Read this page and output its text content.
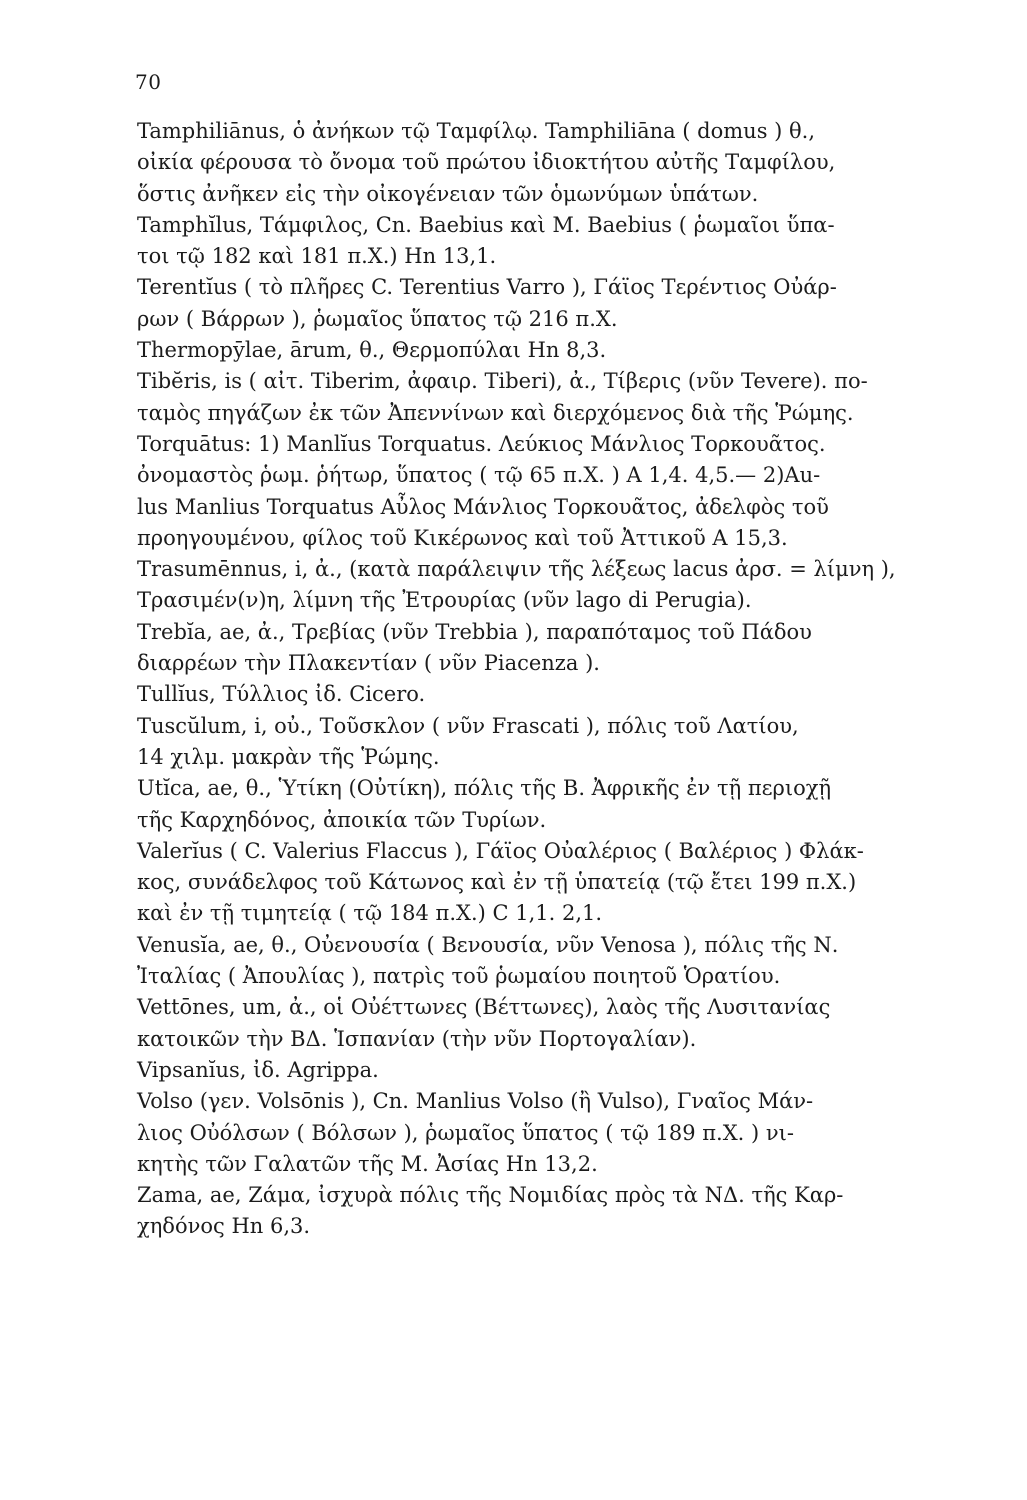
70
Tamphiliānus, ὁ ἀνήκων τῷ Ταμφίλῳ. Tamphiliāna ( domus ) θ.,
οἰκία φέρουσα τὸ ὄνομα τοῦ πρώτου ἰδιοκτήτου αὐτῆς Ταμφίλου,
ὅστις ἀνῆκεν εἰς τὴν οἰκογένειαν τῶν ὁμωνύμων ὑπάτων.
Tamphĭlus, Τάμφιλος, Cn. Baebius καὶ M. Baebius ( ῥωμαῖοι ὕπα-
τοι τῷ 182 καὶ 181 π.Χ.) Hn 13,1.
Terentĭus ( τὸ πλῆρες C. Terentius Varro ), Γάϊος Τερέντιος Οὐάρ-
ρων ( Βάρρων ), ῥωμαῖος ὕπατος τῷ 216 π.Χ.
Thermopȳlae, ārum, θ., Θερμοπύλαι Hn 8,3.
Tibĕris, is ( αἰτ. Tiberim, ἀφαιρ. Tiberi), ἀ., Τίβερις (νῦν Tevere). πο-
ταμὸς πηγάζων ἐκ τῶν Ἀπεννίνων καὶ διερχόμενος διὰ τῆς Ῥώμης.
Torquātus: 1) Manlĭus Torquatus. Λεύκιος Μάνλιος Τορκουᾶτος.
ὀνομαστὸς ῥωμ. ῥήτωρ, ὕπατος ( τῷ 65 π.Χ. ) A 1,4. 4,5.— 2)Au-
lus Manlius Torquatus Αὖλος Μάνλιος Τορκουᾶτος, ἀδελφὸς τοῦ
προηγουμένου, φίλος τοῦ Κικέρωνος καὶ τοῦ Ἀττικοῦ A 15,3.
Trasumēnnus, i, ἀ., (κατὰ παράλειψιν τῆς λέξεως lacus ἀρσ. = λίμνη ),
Τρασιμέν(ν)η, λίμνη τῆς Ἐτρουρίας (νῦν lago di Perugia).
Trebĭa, ae, ἀ., Τρεβίας (νῦν Trebbia ), παραπόταμος τοῦ Πάδου
διαρρέων τὴν Πλακεντίαν ( νῦν Piacenza ).
Tullĭus, Τύλλιος ἰδ. Cicero.
Tuscŭlum, i, οὐ., Τοῦσκλον ( νῦν Frascati ), πόλις τοῦ Λατίου,
14 χιλμ. μακρὰν τῆς Ῥώμης.
Utĭca, ae, θ., Ὑτίκη (Οὐτίκη), πόλις τῆς Β. Ἀφρικῆς ἐν τῇ περιοχῇ
τῆς Καρχηδόνος, ἀποικία τῶν Τυρίων.
Valerĭus ( C. Valerius Flaccus ), Γάϊος Οὐαλέριος ( Βαλέριος ) Φλάκ-
κος, συνάδελφος τοῦ Κάτωνος καὶ ἐν τῇ ὑπατείᾳ (τῷ ἔτει 199 π.Χ.)
καὶ ἐν τῇ τιμητείᾳ ( τῷ 184 π.Χ.) C 1,1. 2,1.
Venusĭa, ae, θ., Οὐενουσία ( Βενουσία, νῦν Venosa ), πόλις τῆς Ν.
Ἰταλίας ( Ἀπουλίας ), πατρὶς τοῦ ῥωμαίου ποιητοῦ Ὁρατίου.
Vettōnes, um, ἀ., οἱ Οὐέττωνες (Βέττωνες), λαὸς τῆς Λυσιτανίας
κατοικῶν τὴν ΒΔ. Ἱσπανίαν (τὴν νῦν Πορτογαλίαν).
Vipsanĭus, ἰδ. Agrippa.
Volso (γεν. Volsōnis ), Cn. Manlius Volso (ἢ Vulso), Γναῖος Μάν-
λιος Οὐόλσων ( Βόλσων ), ῥωμαῖος ὕπατος ( τῷ 189 π.Χ. ) νι-
κητὴς τῶν Γαλατῶν τῆς Μ. Ἀσίας Hn 13,2.
Zama, ae, Ζάμα, ἰσχυρὰ πόλις τῆς Νομιδίας πρὸς τὰ ΝΔ. τῆς Καρ-
χηδόνος Hn 6,3.
